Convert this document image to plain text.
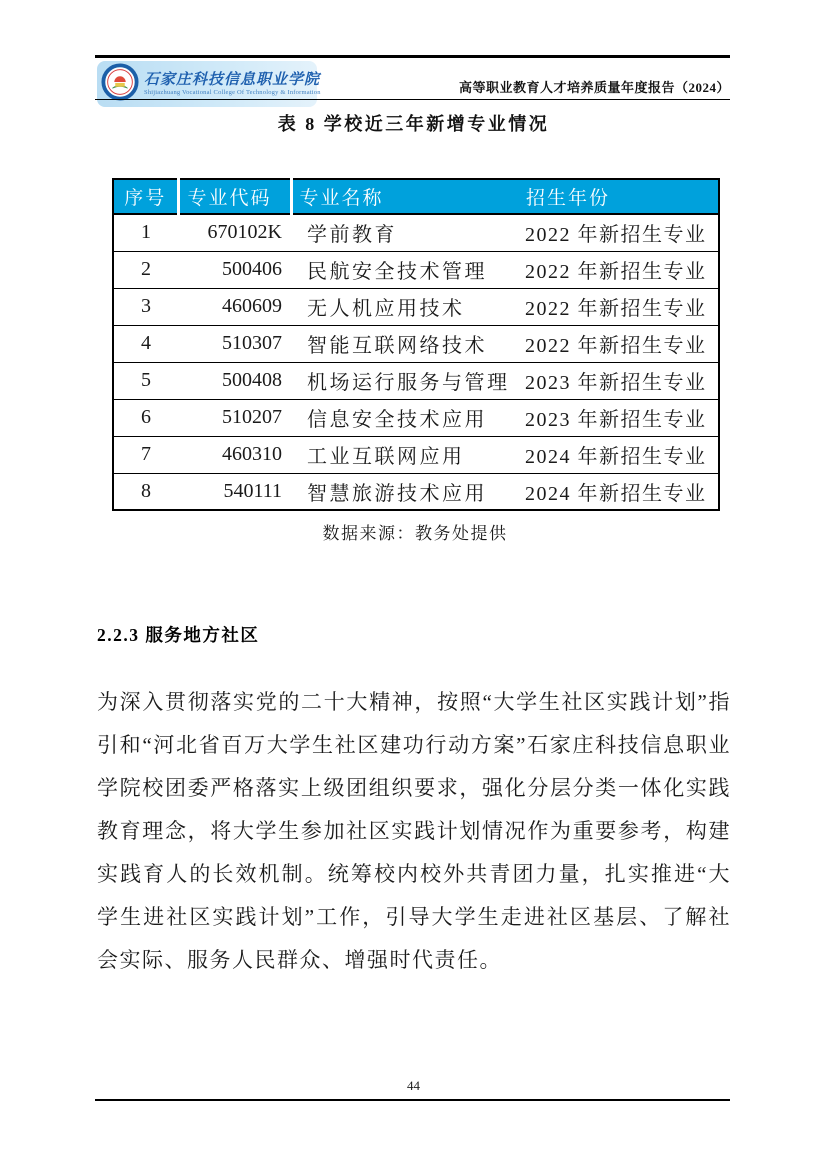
石家庄科技信息职业学院
Shijiazhuang Vocational College Of Technology & Information	高等职业教育人才培养质量年度报告（2024）
表 8 学校近三年新增专业情况
序号	专业代码	专业名称	招生年份
1	670102K	学前教育	2022 年新招生专业
2	500406	民航安全技术管理	2022 年新招生专业
3	460609	无人机应用技术	2022 年新招生专业
4	510307	智能互联网络技术	2022 年新招生专业
5	500408	机场运行服务与管理	2023 年新招生专业
6	510207	信息安全技术应用	2023 年新招生专业
7	460310	工业互联网应用	2024 年新招生专业
8	540111	智慧旅游技术应用	2024 年新招生专业
数据来源：教务处提供
2.2.3 服务地方社区
为深入贯彻落实党的二十大精神，按照“大学生社区实践计划”指引和“河北省百万大学生社区建功行动方案”石家庄科技信息职业学院校团委严格落实上级团组织要求，强化分层分类一体化实践教育理念，将大学生参加社区实践计划情况作为重要参考，构建实践育人的长效机制。统筹校内校外共青团力量，扎实推进“大学生进社区实践计划”工作，引导大学生走进社区基层、了解社会实际、服务人民群众、增强时代责任。
44
